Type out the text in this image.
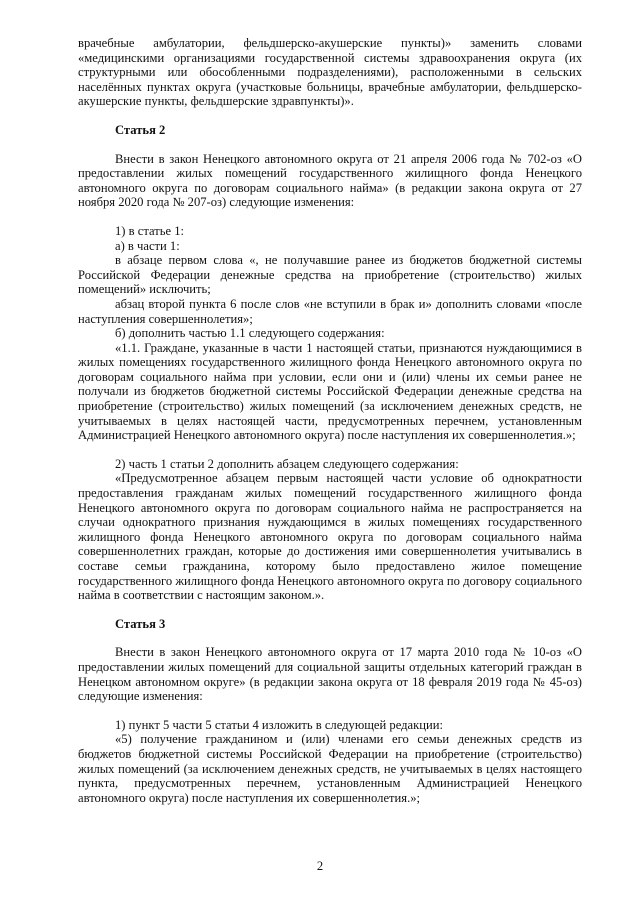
врачебные амбулатории, фельдшерско-акушерские пункты)» заменить словами «медицинскими организациями государственной системы здравоохранения округа (их структурными или обособленными подразделениями), расположенными в сельских населённых пунктах округа (участковые больницы, врачебные амбулатории, фельдшерско-акушерские пункты, фельдшерские здравпункты)».

Статья 2

Внести в закон Ненецкого автономного округа от 21 апреля 2006 года № 702-оз «О предоставлении жилых помещений государственного жилищного фонда Ненецкого автономного округа по договорам социального найма» (в редакции закона округа от 27 ноября 2020 года № 207-оз) следующие изменения:

1) в статье 1:

а) в части 1:

в абзаце первом слова «, не получавшие ранее из бюджетов бюджетной системы Российской Федерации денежные средства на приобретение (строительство) жилых помещений» исключить;

абзац второй пункта 6 после слов «не вступили в брак и» дополнить словами «после наступления совершеннолетия»;

б) дополнить частью 1.1 следующего содержания:

«1.1. Граждане, указанные в части 1 настоящей статьи, признаются нуждающимися в жилых помещениях государственного жилищного фонда Ненецкого автономного округа по договорам социального найма при условии, если они и (или) члены их семьи ранее не получали из бюджетов бюджетной системы Российской Федерации денежные средства на приобретение (строительство) жилых помещений (за исключением денежных средств, не учитываемых в целях настоящей части, предусмотренных перечнем, установленным Администрацией Ненецкого автономного округа) после наступления их совершеннолетия.»;

2) часть 1 статьи 2 дополнить абзацем следующего содержания:

«Предусмотренное абзацем первым настоящей части условие об однократности предоставления гражданам жилых помещений государственного жилищного фонда Ненецкого автономного округа по договорам социального найма не распространяется на случаи однократного признания нуждающимся в жилых помещениях государственного жилищного фонда Ненецкого автономного округа по договорам социального найма совершеннолетних граждан, которые до достижения ими совершеннолетия учитывались в составе семьи гражданина, которому было предоставлено жилое помещение государственного жилищного фонда Ненецкого автономного округа по договору социального найма в соответствии с настоящим законом.».

Статья 3

Внести в закон Ненецкого автономного округа от 17 марта 2010 года № 10-оз «О предоставлении жилых помещений для социальной защиты отдельных категорий граждан в Ненецком автономном округе» (в редакции закона округа от 18 февраля 2019 года № 45-оз) следующие изменения:

1) пункт 5 части 5 статьи 4 изложить в следующей редакции:

«5) получение гражданином и (или) членами его семьи денежных средств из бюджетов бюджетной системы Российской Федерации на приобретение (строительство) жилых помещений (за исключением денежных средств, не учитываемых в целях настоящего пункта, предусмотренных перечнем, установленным Администрацией Ненецкого автономного округа) после наступления их совершеннолетия.»;

2
